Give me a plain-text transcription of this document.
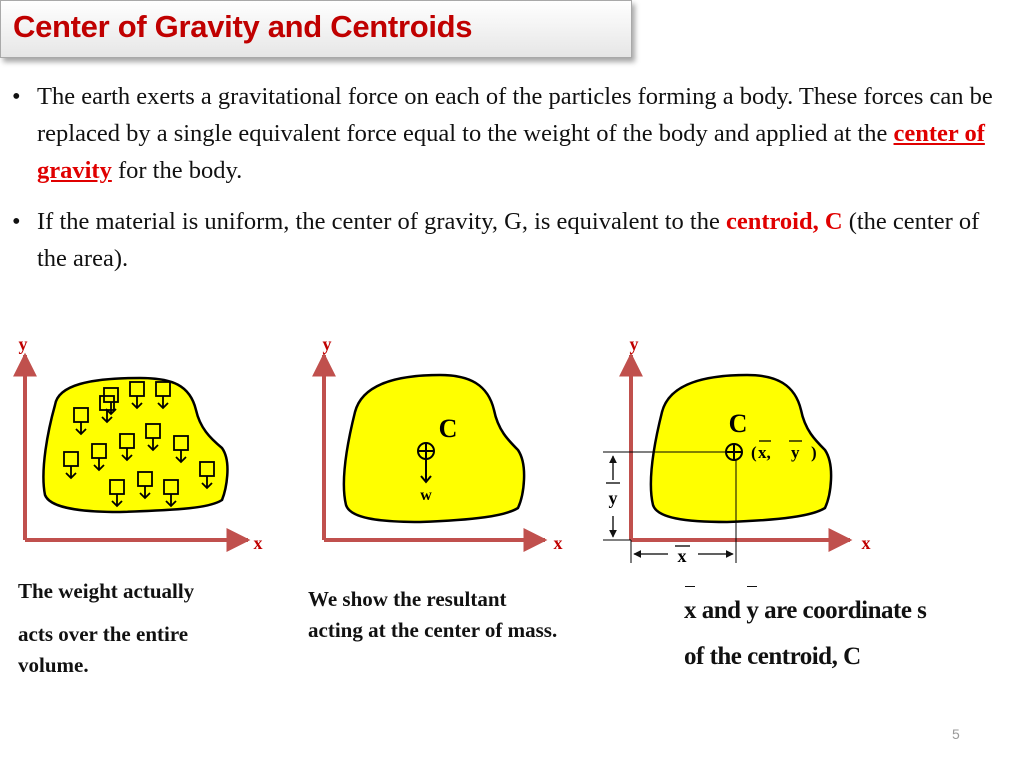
Center of Gravity and Centroids
• The earth exerts a gravitational force on each of the particles forming a body. These forces can be replaced by a single equivalent force equal to the weight of the body and applied at the center of gravity for the body.
• If the material is uniform, the center of gravity, G, is equivalent to the centroid, C (the center of the area).
y
x
y
x
C
w
y
x
C
( x, y )
y
x
The weight actually
acts over the entire
volume.
We show the resultant
acting at the center of mass.
x and y are coordinate s
of the centroid, C
5
